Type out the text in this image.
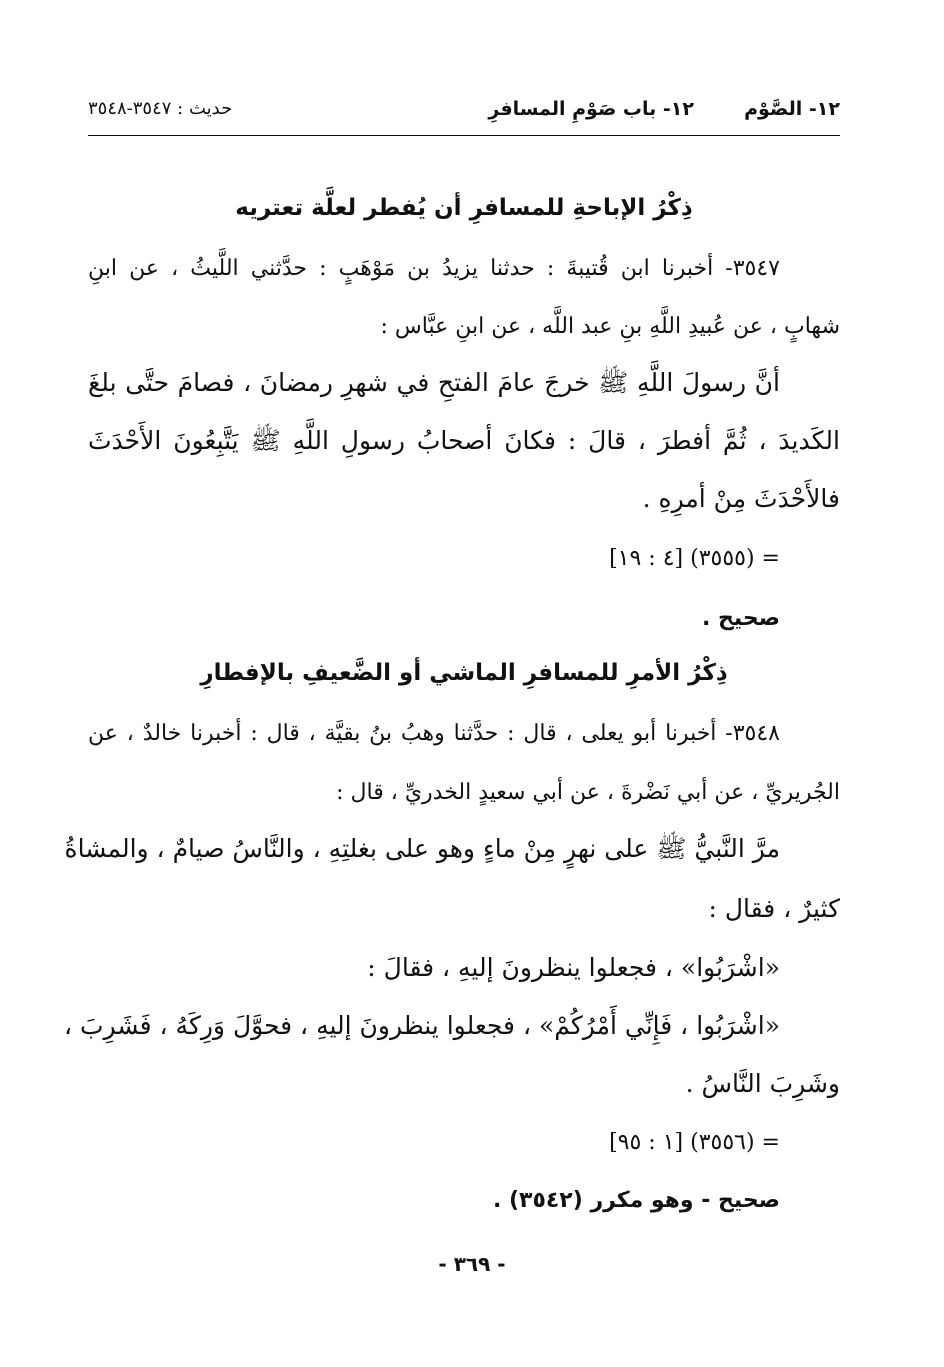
١٢- الصَّوْم
١٢- باب صَوْمِ المسافرِ
حديث : ٣٥٤٧-٣٥٤٨
ذِكْرُ الإباحةِ للمسافرِ أن يُفطر لعلَّة تعتريه
٣٥٤٧- أخبرنا ابن قُتيبةَ : حدثنا يزيدُ بن مَوْهَبٍ : حدَّثني اللَّيثُ ، عن ابنِ
شهابٍ ، عن عُبيدِ اللَّهِ بنِ عبد اللَّه ، عن ابنِ عبَّاس :
أنَّ رسولَ اللَّهِ ﷺ خرجَ عامَ الفتحِ في شهرِ رمضانَ ، فصامَ حتَّى بلغَ
الكَديدَ ، ثُمَّ أفطرَ ، قالَ : فكانَ أصحابُ رسولِ اللَّهِ ﷺ يَتَّبِعُونَ الأَحْدَثَ
فالأَحْدَثَ مِنْ أمرِهِ .
= (٣٥٥٥) [٤ : ١٩]
صحيح .
ذِكْرُ الأمرِ للمسافرِ الماشي أو الضَّعيفِ بالإفطارِ
٣٥٤٨- أخبرنا أبو يعلى ، قال : حدَّثنا وهبُ بنُ بقيَّة ، قال : أخبرنا خالدٌ ، عن
الجُريريِّ ، عن أبي نَضْرةَ ، عن أبي سعيدٍ الخدريِّ ، قال :
مرَّ النَّبيُّ ﷺ على نهرٍ مِنْ ماءٍ وهو على بغلتِهِ ، والنَّاسُ صيامٌ ، والمشاةُ
كثيرٌ ، فقال :
«اشْرَبُوا» ، فجعلوا ينظرونَ إليهِ ، فقالَ :
«اشْرَبُوا ، فَإِنِّي أَمْرُكُمْ» ، فجعلوا ينظرونَ إليهِ ، فحوَّلَ وَرِكَهُ ، فَشَرِبَ ،
وشَرِبَ النَّاسُ .
= (٣٥٥٦) [١ : ٩٥]
صحيح - وهو مكرر (٣٥٤٢) .
- ٣٦٩ -
